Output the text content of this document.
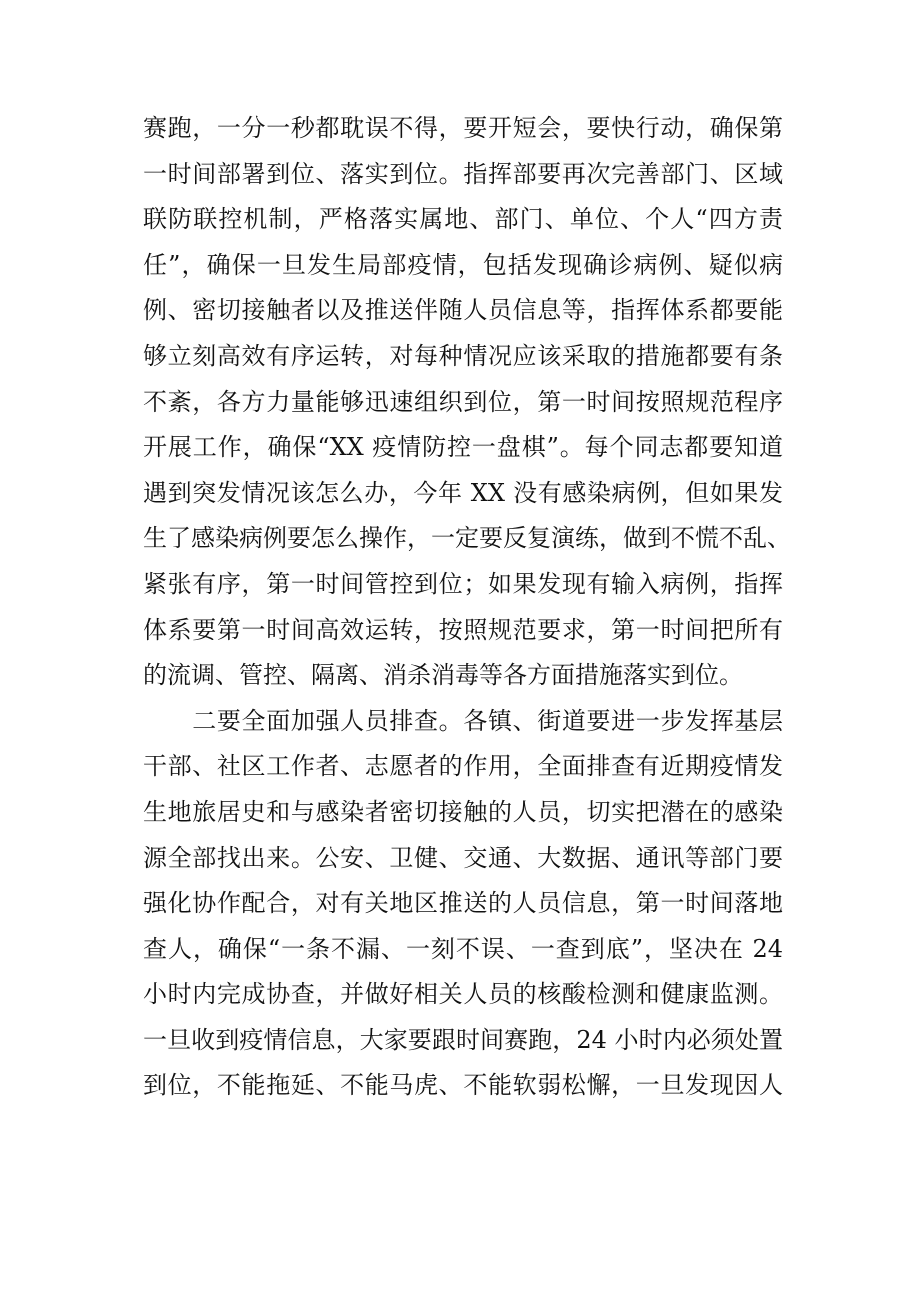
赛跑，一分一秒都耽误不得，要开短会，要快行动，确保第
一时间部署到位、落实到位。指挥部要再次完善部门、区域
联防联控机制，严格落实属地、部门、单位、个人“四方责
任”，确保一旦发生局部疫情，包括发现确诊病例、疑似病
例、密切接触者以及推送伴随人员信息等，指挥体系都要能
够立刻高效有序运转，对每种情况应该采取的措施都要有条
不紊，各方力量能够迅速组织到位，第一时间按照规范程序
开展工作，确保“XX 疫情防控一盘棋”。每个同志都要知道
遇到突发情况该怎么办，今年 XX 没有感染病例，但如果发
生了感染病例要怎么操作，一定要反复演练，做到不慌不乱、
紧张有序，第一时间管控到位；如果发现有输入病例，指挥
体系要第一时间高效运转，按照规范要求，第一时间把所有
的流调、管控、隔离、消杀消毒等各方面措施落实到位。
　　二要全面加强人员排查。各镇、街道要进一步发挥基层
干部、社区工作者、志愿者的作用，全面排查有近期疫情发
生地旅居史和与感染者密切接触的人员，切实把潜在的感染
源全部找出来。公安、卫健、交通、大数据、通讯等部门要
强化协作配合，对有关地区推送的人员信息，第一时间落地
查人，确保“一条不漏、一刻不误、一查到底”，坚决在 24
小时内完成协查，并做好相关人员的核酸检测和健康监测。
一旦收到疫情信息，大家要跟时间赛跑，24 小时内必须处置
到位，不能拖延、不能马虎、不能软弱松懈，一旦发现因人
